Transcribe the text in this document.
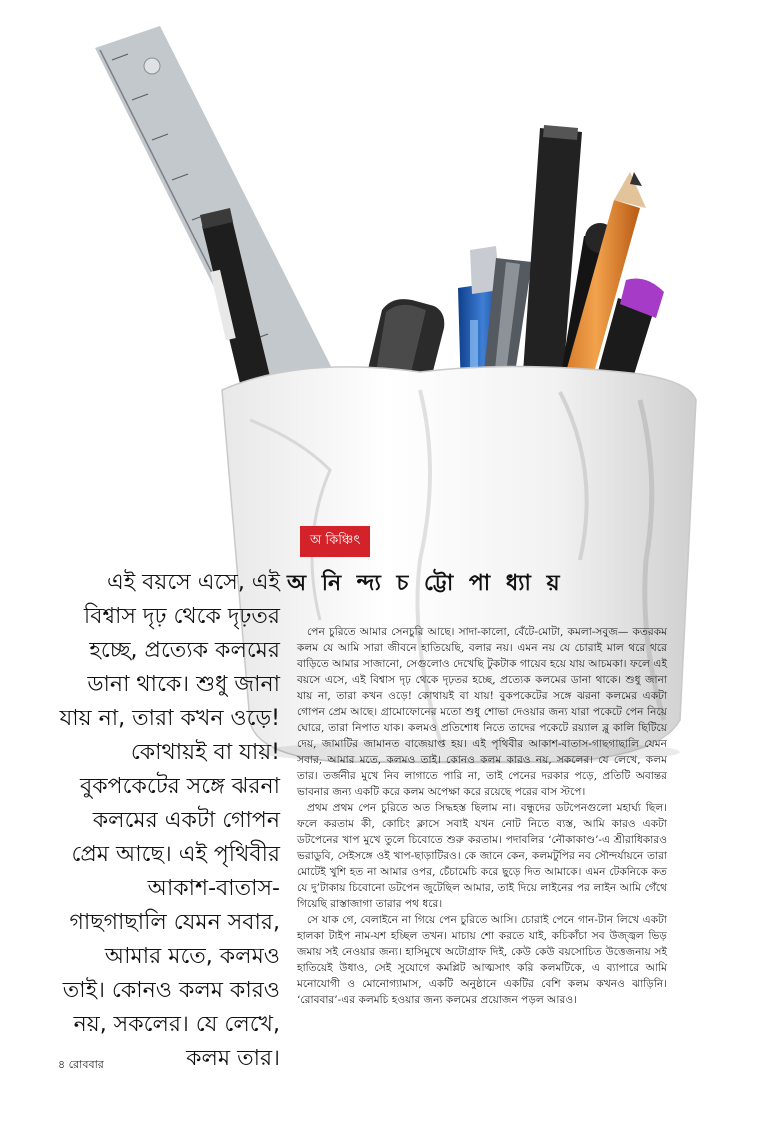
অ কিঞ্চিৎ
অ নি ন্দ্য চ ট্টো পা ধ্যা য়
এই বয়সে এসে, এই বিশ্বাস দৃঢ় থেকে দৃঢ়তর হচ্ছে, প্রত্যেক কলমের ডানা থাকে। শুধু জানা যায় না, তারা কখন ওড়ে! কোথায়ই বা যায়! বুকপকেটের সঙ্গে ঝরনা কলমের একটা গোপন প্রেম আছে। এই পৃথিবীর আকাশ-বাতাস-গাছগাছালি যেমন সবার, আমার মতে, কলমও তাই। কোনও কলম কারও নয়, সকলের। যে লেখে, কলম তার।

পেন চুরিতে আমার সেনচুরি আছে। সাদা-কালো, বেঁটে-মোটা, কমলা-সবুজ— কতরকম কলম যে আমি সারা জীবনে হাতিয়েছি, বলার নয়। এমন নয় যে চোরাই মাল থরে থরে বাড়িতে আমার সাজানো, সেগুলোও দেখেছি টুকটাক গায়েব হয়ে যায় আচমকা। ফলে এই বয়সে এসে, এই বিশ্বাস দৃঢ় থেকে দৃঢ়তর হচ্ছে, প্রত্যেক কলমের ডানা থাকে। শুধু জানা যায় না, তারা কখন ওড়ে! কোথায়ই বা যায়! বুকপকেটের সঙ্গে ঝরনা কলমের একটা গোপন প্রেম আছে। গ্রামোফোনের মতো শুধু শোভা দেওয়ার জন্য যারা পকেটে পেন নিয়ে ঘোরে, তারা নিপাত যাক। কলমও প্রতিশোধ নিতে তাদের পকেটে রয়্যাল ব্লু কালি ছিটিয়ে দেয়, জামাটির জামানত বাজেয়াপ্ত হয়। এই পৃথিবীর আকাশ-বাতাস-গাছগাছালি যেমন সবার, আমার মতে, কলমও তাই। কোনও কলম কারও নয়, সকলের। যে লেখে, কলম তার। তর্জনীর মুখে নিব লাগাতে পারি না, তাই পেনের দরকার পড়ে, প্রতিটি অবান্তর ভাবনার জন্য একটি করে কলম অপেক্ষা করে রয়েছে পরের বাস স্টপে।

প্রথম প্রথম পেন চুরিতে অত সিদ্ধহস্ত ছিলাম না। বন্ধুদের ডটপেনগুলো মহার্ঘ্য ছিল। ফলে করতাম কী, কোচিং ক্লাসে সবাই যখন নোট নিতে ব্যস্ত, আমি কারও একটা ডটপেনের খাপ মুখে তুলে চিবোতে শুরু করতাম। পদাবলির ‘নৌকাকাণ্ড’-এ শ্রীরাধিকারও ভরাডুবি, সেইসঙ্গে ওই খাপ-ছাড়াটিরও। কে জানে কেন, কলমটুপির নব সৌন্দর্যায়নে তারা মোটেই খুশি হত না আমার ওপর, চেঁচামেচি করে ছুড়ে দিত আমাকে। এমন টেকনিকে কত যে দু’টাকায় চিবোনো ডটপেন জুটেছিল আমার, তাই দিয়ে লাইনের পর লাইন আমি গেঁথে গিয়েছি রাস্তাজাগা তারার পথ ধরে।

সে যাক গে, বেলাইনে না গিয়ে পেন চুরিতে আসি। চোরাই পেনে গান-টান লিখে একটা হালকা টাইপ নাম-যশ হচ্ছিল তখন। মাচায় শো করতে যাই, কচিকাঁচা সব উজ্জ্বল ভিড় জমায় সই নেওয়ার জন্য। হাসিমুখে অটোগ্রাফ দিই, কেউ কেউ বয়সোচিত উত্তেজনায় সই হাতিয়েই উধাও, সেই সুযোগে কমপ্লিট আত্মসাৎ করি কলমটিকে, এ ব্যাপারে আমি মনোযোগী ও মোনোগ্যামাস, একটি অনুষ্ঠানে একটির বেশি কলম কখনও ঝাড়িনি। ‘রোববার’-এর কলমচি হওয়ার জন্য কলমের প্রয়োজন পড়ল আরও।

৪ রোববার
